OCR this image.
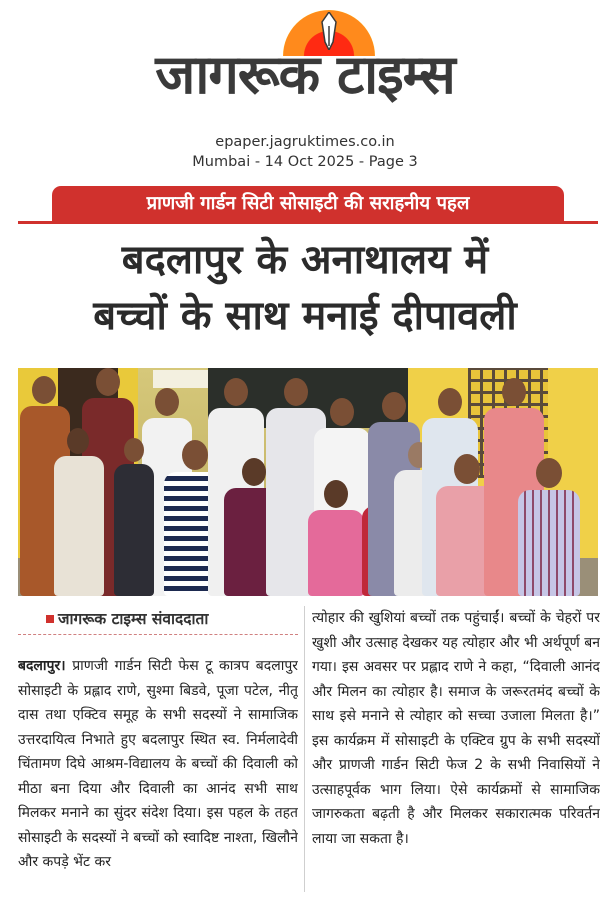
जागरूक टाइम्स
epaper.jagruktimes.co.in
Mumbai - 14 Oct 2025 - Page 3
प्राणजी गार्डन सिटी सोसाइटी की सराहनीय पहल
बदलापुर के अनाथालय में
बच्चों के साथ मनाई दीपावली
जागरूक टाइम्स संवाददाता

बदलापुर। प्राणजी गार्डन सिटी फेस टू कात्रप बदलापुर सोसाइटी के प्रह्लाद राणे, सुश्मा बिडवे, पूजा पटेल, नीतू दास तथा एक्टिव समूह के सभी सदस्यों ने सामाजिक उत्तरदायित्व निभाते हुए बदलापुर स्थित स्व. निर्मलादेवी चिंतामण दिघे आश्रम-विद्यालय के बच्चों की दिवाली को मीठा बना दिया और दिवाली का आनंद सभी साथ मिलकर मनाने का सुंदर संदेश दिया। इस पहल के तहत सोसाइटी के सदस्यों ने बच्चों को स्वादिष्ट नाश्ता, खिलौने और कपड़े भेंट कर

त्योहार की खुशियां बच्चों तक पहुंचाईं। बच्चों के चेहरों पर खुशी और उत्साह देखकर यह त्योहार और भी अर्थपूर्ण बन गया। इस अवसर पर प्रह्लाद राणे ने कहा, “दिवाली आनंद और मिलन का त्योहार है। समाज के जरूरतमंद बच्चों के साथ इसे मनाने से त्योहार को सच्चा उजाला मिलता है।” इस कार्यक्रम में सोसाइटी के एक्टिव ग्रुप के सभी सदस्यों और प्राणजी गार्डन सिटी फेज 2 के सभी निवासियों ने उत्साहपूर्वक भाग लिया। ऐसे कार्यक्रमों से सामाजिक जागरुकता बढ़ती है और मिलकर सकारात्मक परिवर्तन लाया जा सकता है।
